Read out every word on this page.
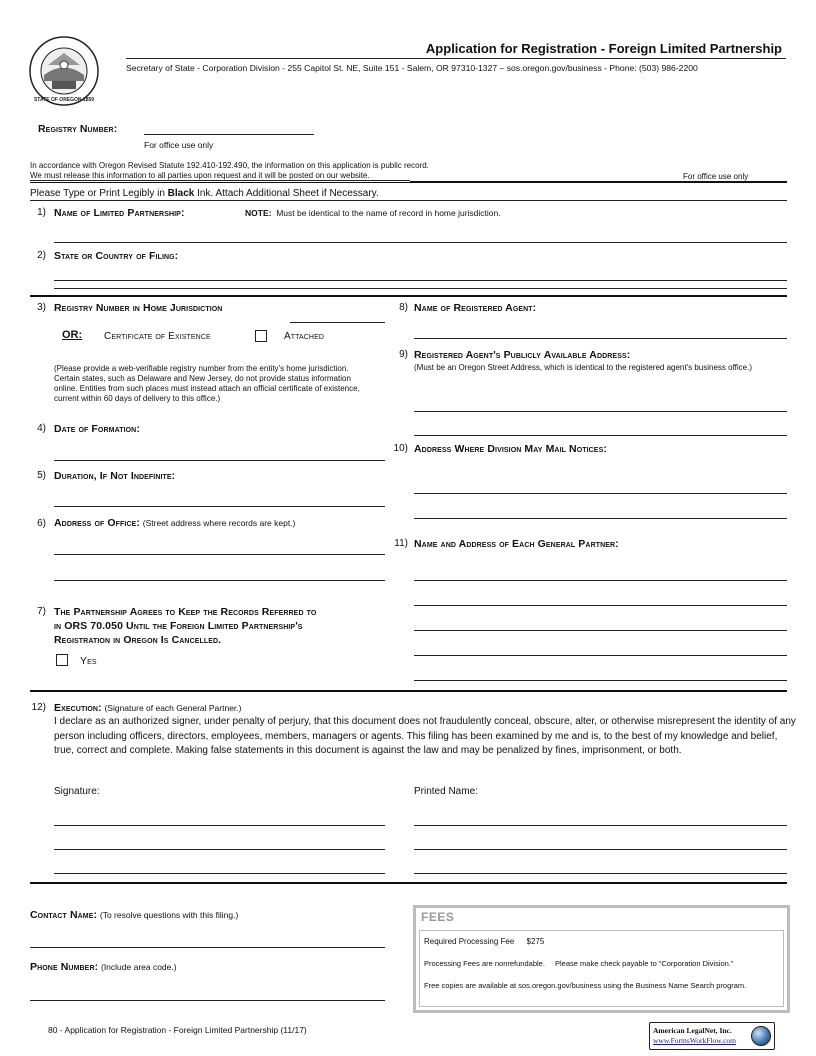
STATE OF OREGON 1859
Application for Registration - Foreign Limited Partnership
Secretary of State - Corporation Division - 255 Capitol St. NE, Suite 151 - Salem, OR 97310-1327 – sos.oregon.gov/business - Phone: (503) 986-2200
Registry Number:
For office use only
In accordance with Oregon Revised Statute 192.410-192.490, the information on this application is public record.
We must release this information to all parties upon request and it will be posted on our website.	For office use only
Please Type or Print Legibly in Black Ink. Attach Additional Sheet if Necessary.
1) Name of Limited Partnership:	NOTE: Must be identical to the name of record in home jurisdiction.
2) State or Country of Filing:
3) Registry Number in Home Jurisdiction
OR: Certificate of Existence	Attached
(Please provide a web-verifiable registry number from the entity's home jurisdiction. Certain states, such as Delaware and New Jersey, do not provide status information online. Entities from such places must instead attach an official certificate of existence, current within 60 days of delivery to this office.)
4) Date of Formation:
5) Duration, If Not Indefinite:
6) Address of Office: (Street address where records are kept.)
7) The Partnership Agrees to Keep the Records Referred to
in ORS 70.050 Until the Foreign Limited Partnership's
Registration in Oregon Is Cancelled.
Yes
8) Name of Registered Agent:
9) Registered Agent's Publicly Available Address:
(Must be an Oregon Street Address, which is identical to the registered agent's business office.)
10) Address Where Division May Mail Notices:
11) Name and Address of Each General Partner:
12) Execution: (Signature of each General Partner.)
I declare as an authorized signer, under penalty of perjury, that this document does not fraudulently conceal, obscure, alter, or otherwise misrepresent the identity of any person including officers, directors, employees, members, managers or agents. This filing has been examined by me and is, to the best of my knowledge and belief, true, correct and complete. Making false statements in this document is against the law and may be penalized by fines, imprisonment, or both.
Signature:	Printed Name:
Contact Name: (To resolve questions with this filing.)
Phone Number: (Include area code.)
FEES
Required Processing Fee $275
Processing Fees are nonrefundable. Please make check payable to “Corporation Division.”
Free copies are available at sos.oregon.gov/business using the Business Name Search program.
80 - Application for Registration - Foreign Limited Partnership (11/17)	American LegalNet, Inc.
www.FormsWorkFlow.com
